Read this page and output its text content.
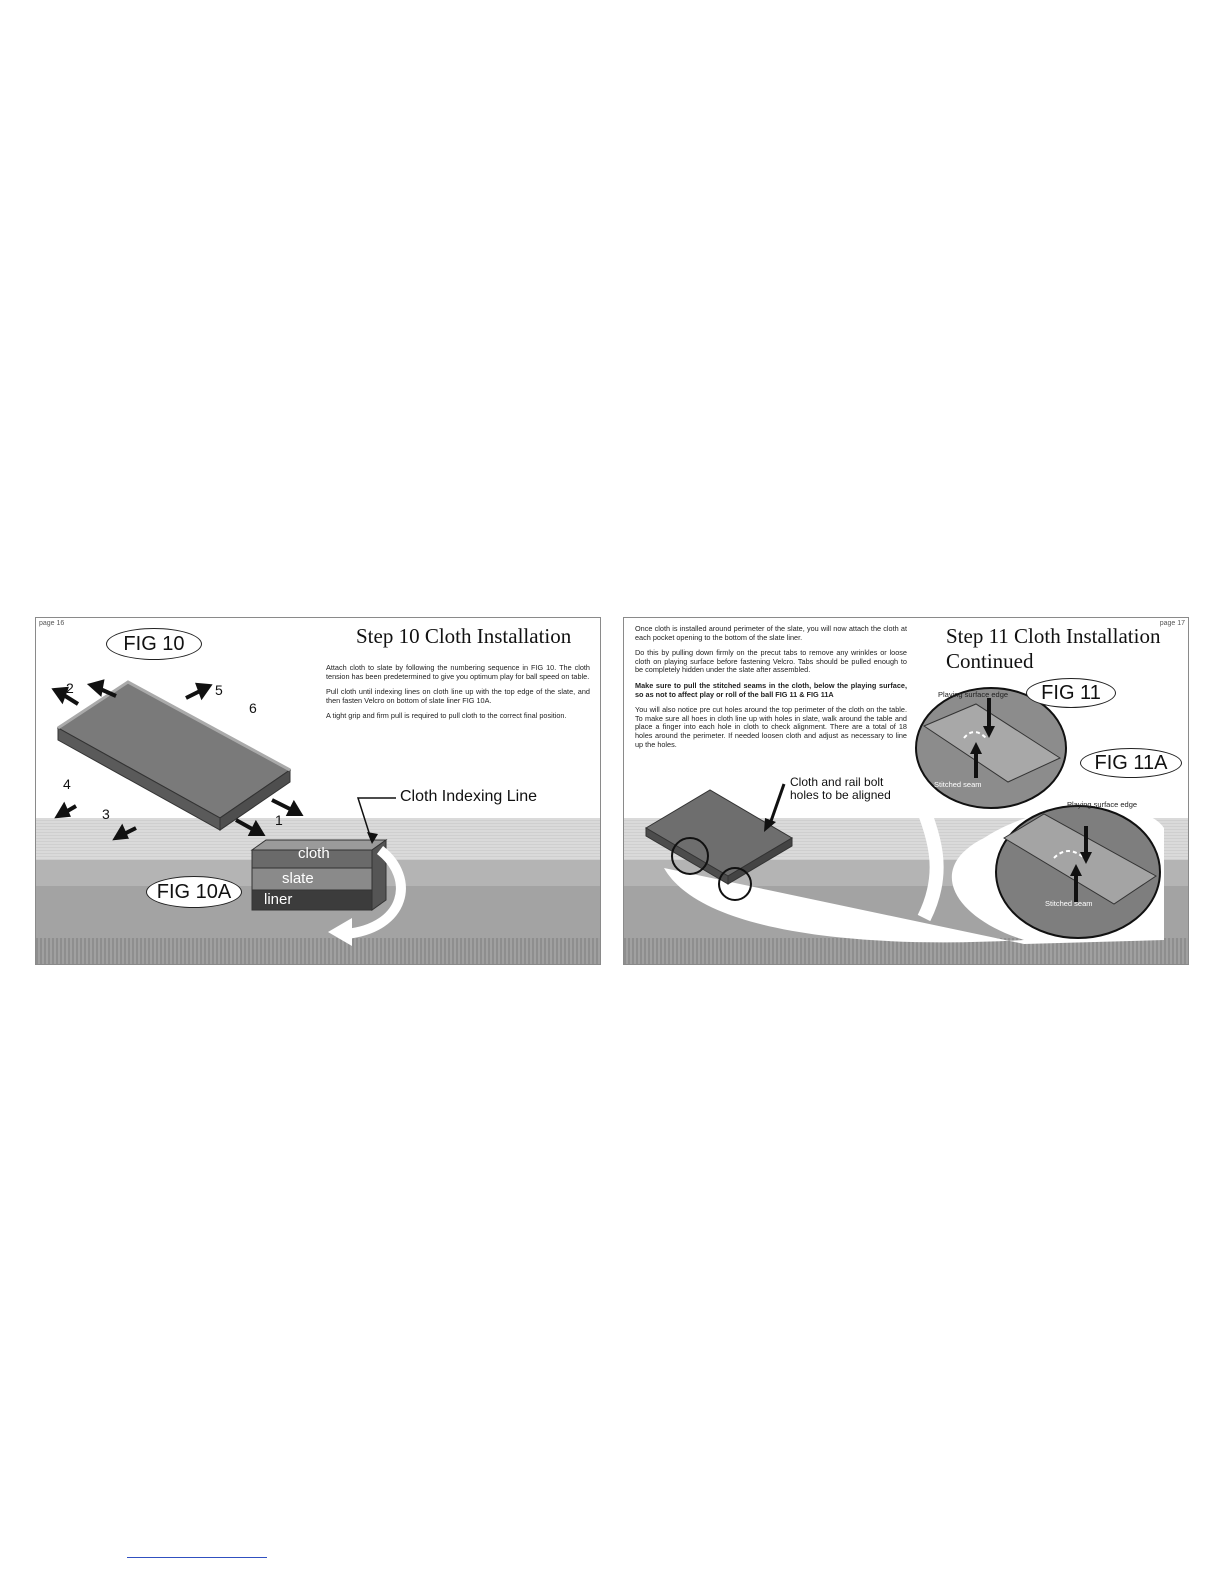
page 16
Step 10 Cloth Installation
FIG 10
FIG 10A

Attach cloth to slate by following the numbering sequence in FIG 10. The cloth tension has been predetermined to give you optimum play for ball speed on table.

Pull cloth until indexing lines on cloth line up with the top edge of the slate, and then fasten Velcro on bottom of slate liner FIG 10A.

A tight grip and firm pull is required to pull cloth to the correct final position.

1
2
3
4
5
6
Cloth Indexing Line
cloth
slate
liner
page 17
Step 11 Cloth Installation
Continued

Once cloth is installed around perimeter of the slate, you will now attach the cloth at each pocket opening to the bottom of the slate liner.

Do this by pulling down firmly on the precut tabs to remove any wrinkles or loose cloth on playing surface before fastening Velcro. Tabs should be pulled enough to be completely hidden under the slate after assembled.

Make sure to pull the stitched seams in the cloth, below the playing surface, so as not to affect play or roll of the ball FIG 11 & FIG 11A

You will also notice pre cut holes around the top perimeter of the cloth on the table. To make sure all hoes in cloth line up with holes in slate, walk around the table and place a finger into each hole in cloth to check alignment. There are a total of 18 holes around the perimeter. If needed loosen cloth and adjust as necessary to line up the holes.

FIG 11
FIG 11A
Playing surface edge
Stitched seam
Playing surface edge
Stitched seam
Cloth and rail bolt
holes to be aligned
